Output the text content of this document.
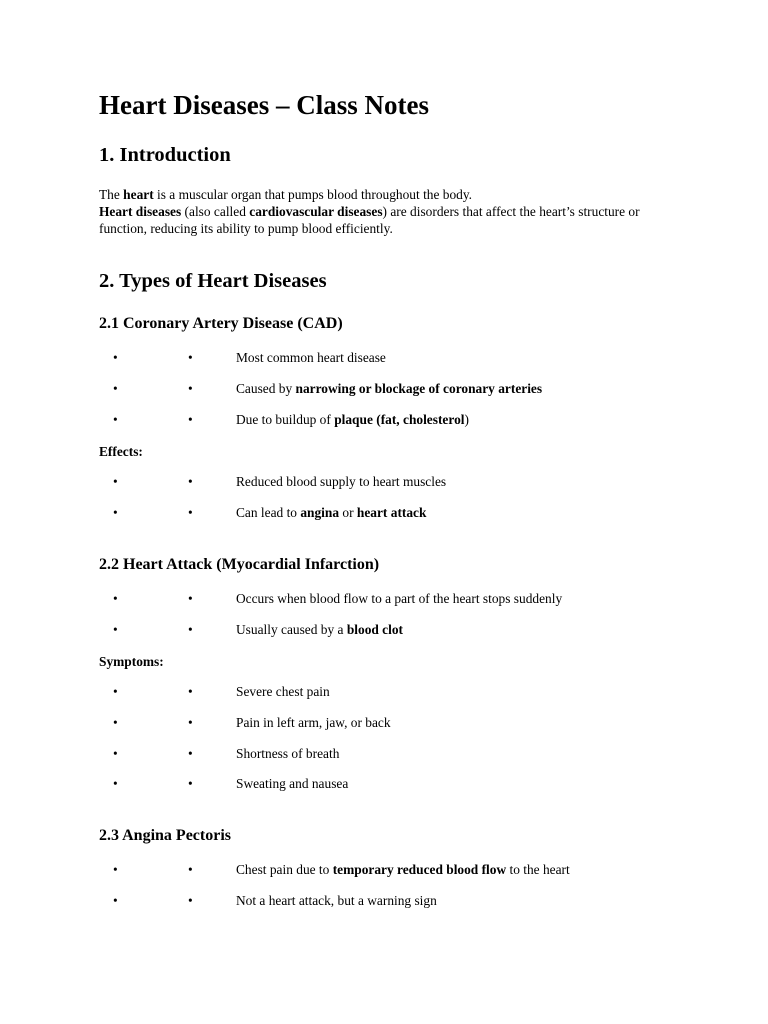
Heart Diseases – Class Notes
1. Introduction

The heart is a muscular organ that pumps blood throughout the body.

Heart diseases (also called cardiovascular diseases) are disorders that affect the heart’s structure or function, reducing its ability to pump blood efficiently.

2. Types of Heart Diseases
2.1 Coronary Artery Disease (CAD)
•	•	Most common heart disease
•	•	Caused by narrowing or blockage of coronary arteries
•	•	Due to buildup of plaque (fat, cholesterol)
Effects:
•	•	Reduced blood supply to heart muscles
•	•	Can lead to angina or heart attack
2.2 Heart Attack (Myocardial Infarction)
•	•	Occurs when blood flow to a part of the heart stops suddenly
•	•	Usually caused by a blood clot
Symptoms:
•	•	Severe chest pain
•	•	Pain in left arm, jaw, or back
•	•	Shortness of breath
•	•	Sweating and nausea
2.3 Angina Pectoris
•	•	Chest pain due to temporary reduced blood flow to the heart
•	•	Not a heart attack, but a warning sign
